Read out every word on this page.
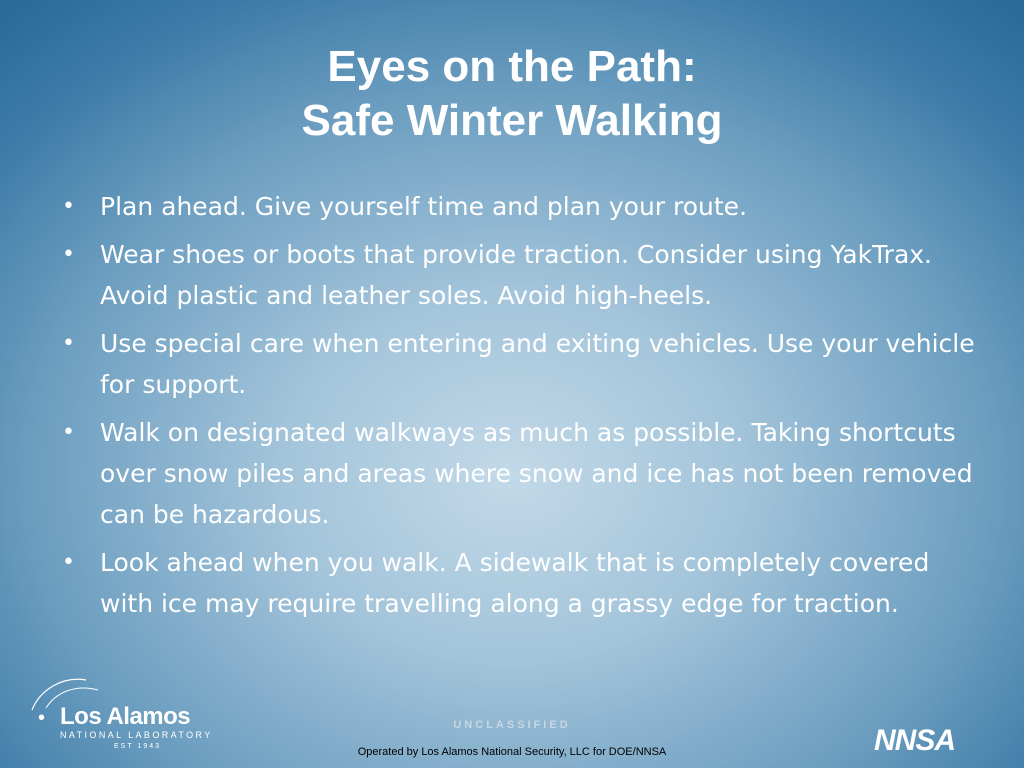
Eyes on the Path:
Safe Winter Walking
• Plan ahead. Give yourself time and plan your route.
• Wear shoes or boots that provide traction. Consider using YakTrax. Avoid plastic and leather soles. Avoid high-heels.
• Use special care when entering and exiting vehicles. Use your vehicle for support.
• Walk on designated walkways as much as possible. Taking shortcuts over snow piles and areas where snow and ice has not been removed can be hazardous.
• Look ahead when you walk. A sidewalk that is completely covered with ice may require travelling along a grassy edge for traction.
• Los Alamos
NATIONAL LABORATORY
EST 1943
UNCLASSIFIED
Operated by Los Alamos National Security, LLC for DOE/NNSA	NNSA
